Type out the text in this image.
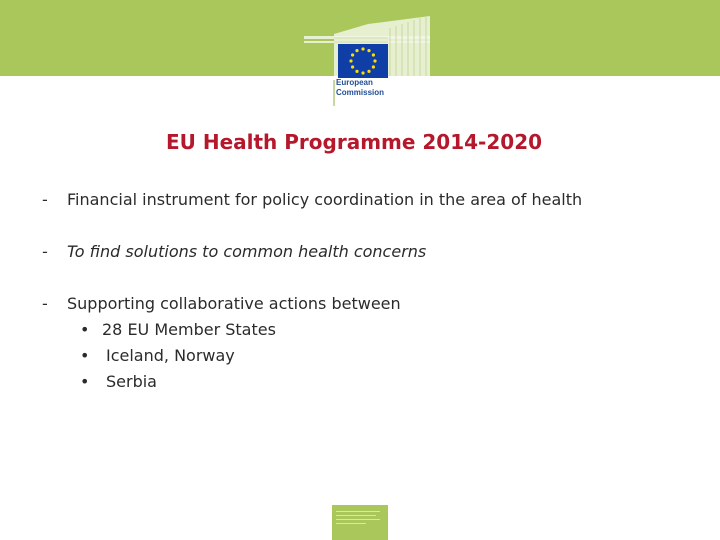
European
Commission
EU Health Programme 2014-2020
- Financial instrument for policy coordination in the area of health
- To find solutions to common health concerns
- Supporting collaborative actions between
• 28 EU Member States
• Iceland, Norway
• Serbia
